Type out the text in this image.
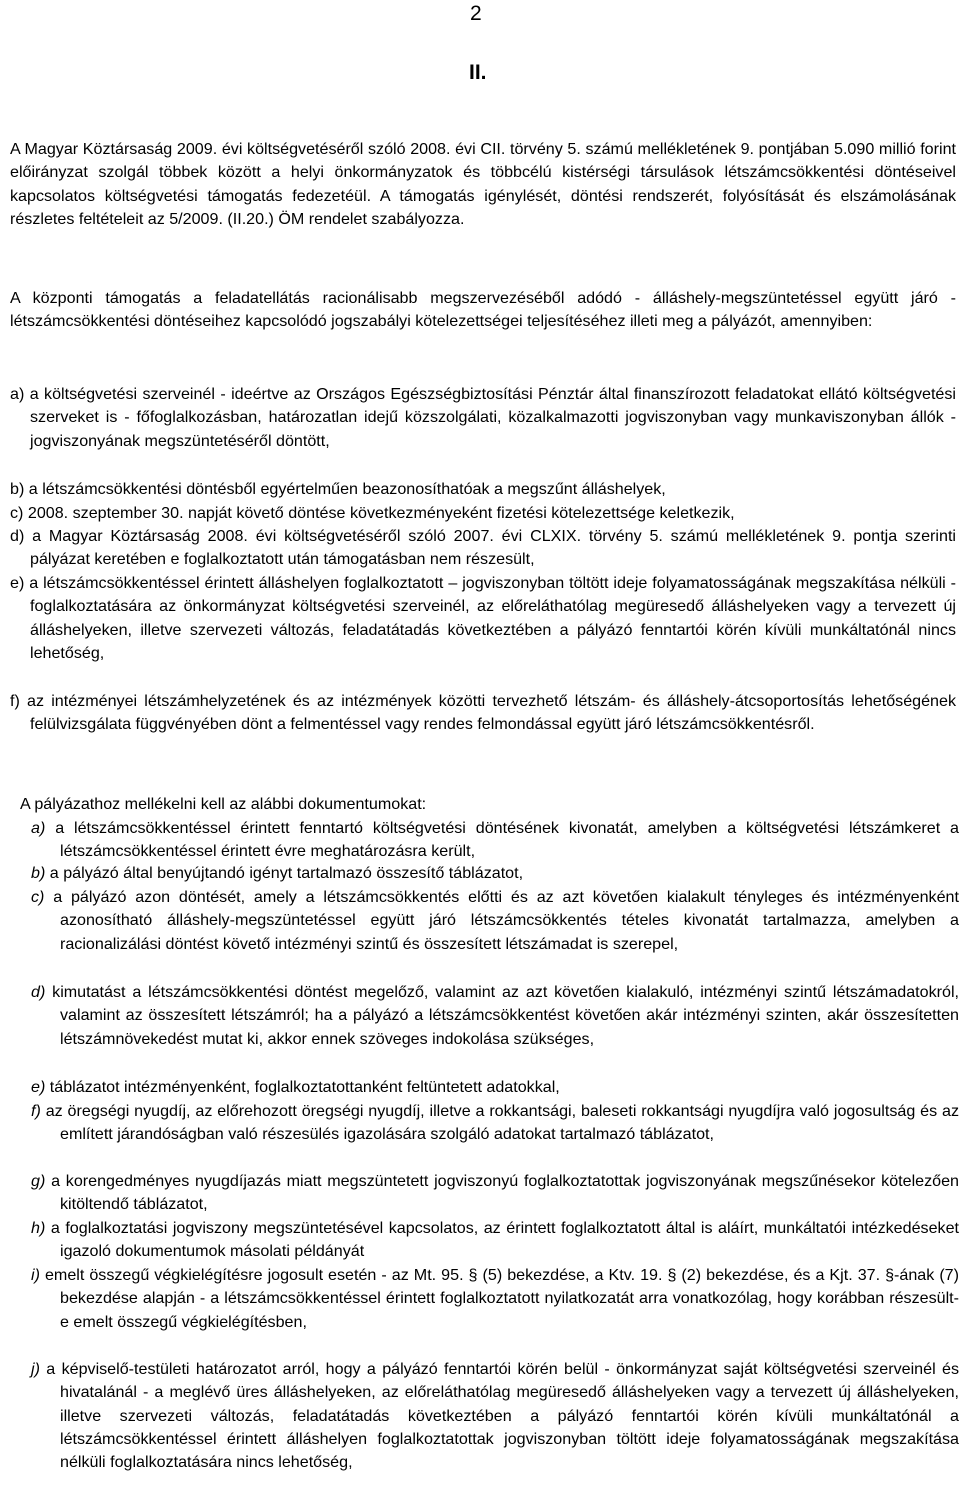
2
II.

A Magyar Köztársaság 2009. évi költségvetéséről szóló 2008. évi CII. törvény 5. számú mellékletének 9. pontjában 5.090 millió forint előirányzat szolgál többek között a helyi önkormányzatok és többcélú kistérségi társulások létszámcsökkentési döntéseivel kapcsolatos költségvetési támogatás fedezetéül. A támogatás igénylését, döntési rendszerét, folyósítását és elszámolásának részletes feltételeit az 5/2009. (II.20.) ÖM rendelet szabályozza.

A központi támogatás a feladatellátás racionálisabb megszervezéséből adódó - álláshely-megszüntetéssel együtt járó - létszámcsökkentési döntéseihez kapcsolódó jogszabályi kötelezettségei teljesítéséhez illeti meg a pályázót, amennyiben:

a) a költségvetési szerveinél - ideértve az Országos Egészségbiztosítási Pénztár által finanszírozott feladatokat ellátó költségvetési szerveket is - főfoglalkozásban, határozatlan idejű közszolgálati, közalkalmazotti jogviszonyban vagy munkaviszonyban állók - jogviszonyának megszüntetéséről döntött,

b) a létszámcsökkentési döntésből egyértelműen beazonosíthatóak a megszűnt álláshelyek,

c) 2008. szeptember 30. napját követő döntése következményeként fizetési kötelezettsége keletkezik,

d) a Magyar Köztársaság 2008. évi költségvetéséről szóló 2007. évi CLXIX. törvény 5. számú mellékletének 9. pontja szerinti pályázat keretében e foglalkoztatott után támogatásban nem részesült,

e) a létszámcsökkentéssel érintett álláshelyen foglalkoztatott – jogviszonyban töltött ideje folyamatosságának megszakítása nélküli - foglalkoztatására az önkormányzat költségvetési szerveinél, az előreláthatólag megüresedő álláshelyeken vagy a tervezett új álláshelyeken, illetve szervezeti változás, feladatátadás következtében a pályázó fenntartói körén kívüli munkáltatónál nincs lehetőség,

f) az intézményei létszámhelyzetének és az intézmények közötti tervezhető létszám- és álláshely-átcsoportosítás lehetőségének felülvizsgálata függvényében dönt a felmentéssel vagy rendes felmondással együtt járó létszámcsökkentésről.

A pályázathoz mellékelni kell az alábbi dokumentumokat:

a) a létszámcsökkentéssel érintett fenntartó költségvetési döntésének kivonatát, amelyben a költségvetési létszámkeret a létszámcsökkentéssel érintett évre meghatározásra került,

b) a pályázó által benyújtandó igényt tartalmazó összesítő táblázatot,

c) a pályázó azon döntését, amely a létszámcsökkentés előtti és az azt követően kialakult tényleges és intézményenként azonosítható álláshely-megszüntetéssel együtt járó létszámcsökkentés tételes kivonatát tartalmazza, amelyben a racionalizálási döntést követő intézményi szintű és összesített létszámadat is szerepel,

d) kimutatást a létszámcsökkentési döntést megelőző, valamint az azt követően kialakuló, intézményi szintű létszámadatokról, valamint az összesített létszámról; ha a pályázó a létszámcsökkentést követően akár intézményi szinten, akár összesítetten létszámnövekedést mutat ki, akkor ennek szöveges indokolása szükséges,

e) táblázatot intézményenként, foglalkoztatottanként feltüntetett adatokkal,

f) az öregségi nyugdíj, az előrehozott öregségi nyugdíj, illetve a rokkantsági, baleseti rokkantsági nyugdíjra való jogosultság és az említett járandóságban való részesülés igazolására szolgáló adatokat tartalmazó táblázatot,

g) a korengedményes nyugdíjazás miatt megszüntetett jogviszonyú foglalkoztatottak jogviszonyának megszűnésekor kötelezően kitöltendő táblázatot,

h) a foglalkoztatási jogviszony megszüntetésével kapcsolatos, az érintett foglalkoztatott által is aláírt, munkáltatói intézkedéseket igazoló dokumentumok másolati példányát

i) emelt összegű végkielégítésre jogosult esetén - az Mt. 95. § (5) bekezdése, a Ktv. 19. § (2) bekezdése, és a Kjt. 37. §-ának (7) bekezdése alapján - a létszámcsökkentéssel érintett foglalkoztatott nyilatkozatát arra vonatkozólag, hogy korábban részesült-e emelt összegű végkielégítésben,

j) a képviselő-testületi határozatot arról, hogy a pályázó fenntartói körén belül - önkormányzat saját költségvetési szerveinél és hivatalánál - a meglévő üres álláshelyeken, az előreláthatólag megüresedő álláshelyeken vagy a tervezett új álláshelyeken, illetve szervezeti változás, feladatátadás következtében a pályázó fenntartói körén kívüli munkáltatónál a létszámcsökkentéssel érintett álláshelyen foglalkoztatottak jogviszonyban töltött ideje folyamatosságának megszakítása nélküli foglalkoztatására nincs lehetőség,
